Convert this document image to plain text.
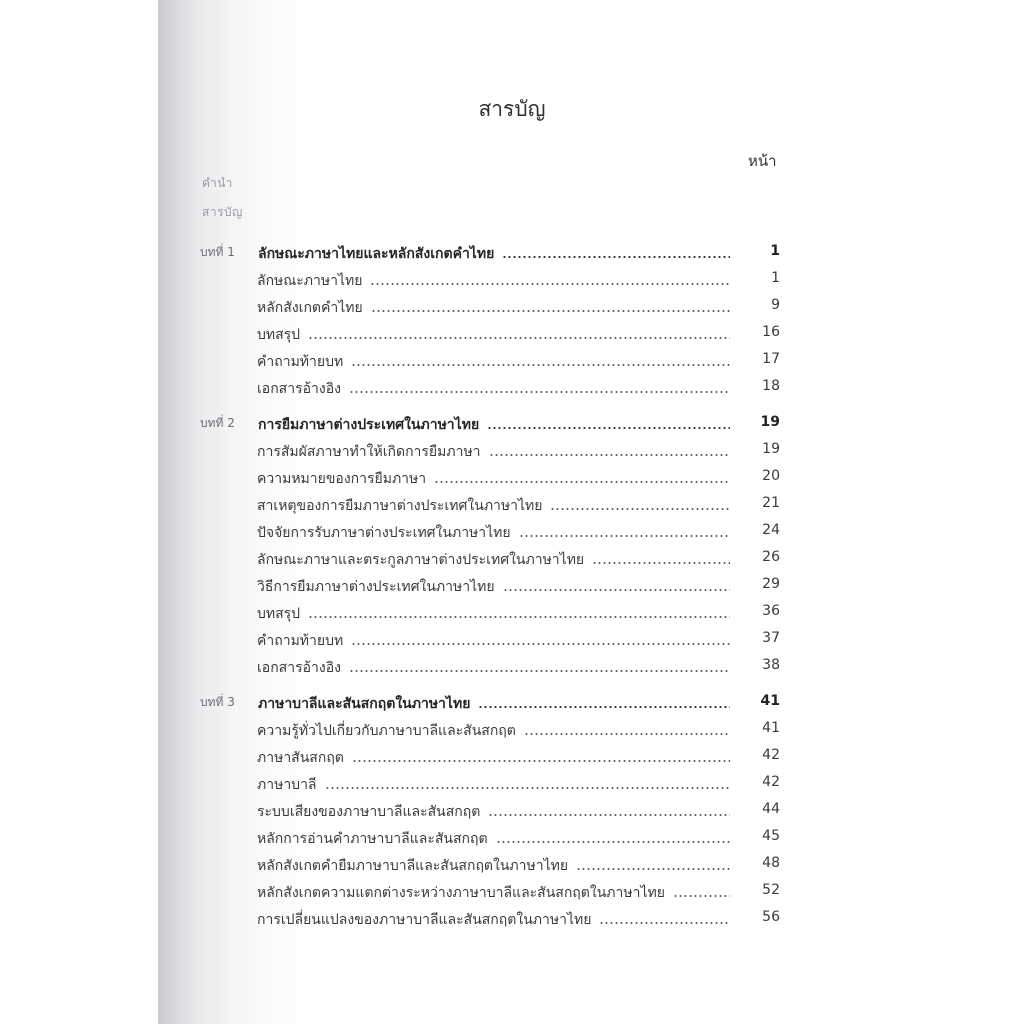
สารบัญ
หน้า
คำนำ
สารบัญ
บทที่ 1 ลักษณะภาษาไทยและหลักสังเกตคำไทย	1
ลักษณะภาษาไทย	1
หลักสังเกตคำไทย	9
บทสรุป	16
คำถามท้ายบท	17
เอกสารอ้างอิง	18
บทที่ 2 การยืมภาษาต่างประเทศในภาษาไทย	19
การสัมผัสภาษาทำให้เกิดการยืมภาษา	19
ความหมายของการยืมภาษา	20
สาเหตุของการยืมภาษาต่างประเทศในภาษาไทย	21
ปัจจัยการรับภาษาต่างประเทศในภาษาไทย	24
ลักษณะภาษาและตระกูลภาษาต่างประเทศในภาษาไทย	26
วิธีการยืมภาษาต่างประเทศในภาษาไทย	29
บทสรุป	36
คำถามท้ายบท	37
เอกสารอ้างอิง	38
บทที่ 3 ภาษาบาลีและสันสกฤตในภาษาไทย	41
ความรู้ทั่วไปเกี่ยวกับภาษาบาลีและสันสกฤต	41
ภาษาสันสกฤต	42
ภาษาบาลี	42
ระบบเสียงของภาษาบาลีและสันสกฤต	44
หลักการอ่านคำภาษาบาลีและสันสกฤต	45
หลักสังเกตคำยืมภาษาบาลีและสันสกฤตในภาษาไทย	48
หลักสังเกตความแตกต่างระหว่างภาษาบาลีและสันสกฤตในภาษาไทย	52
การเปลี่ยนแปลงของภาษาบาลีและสันสกฤตในภาษาไทย	56
